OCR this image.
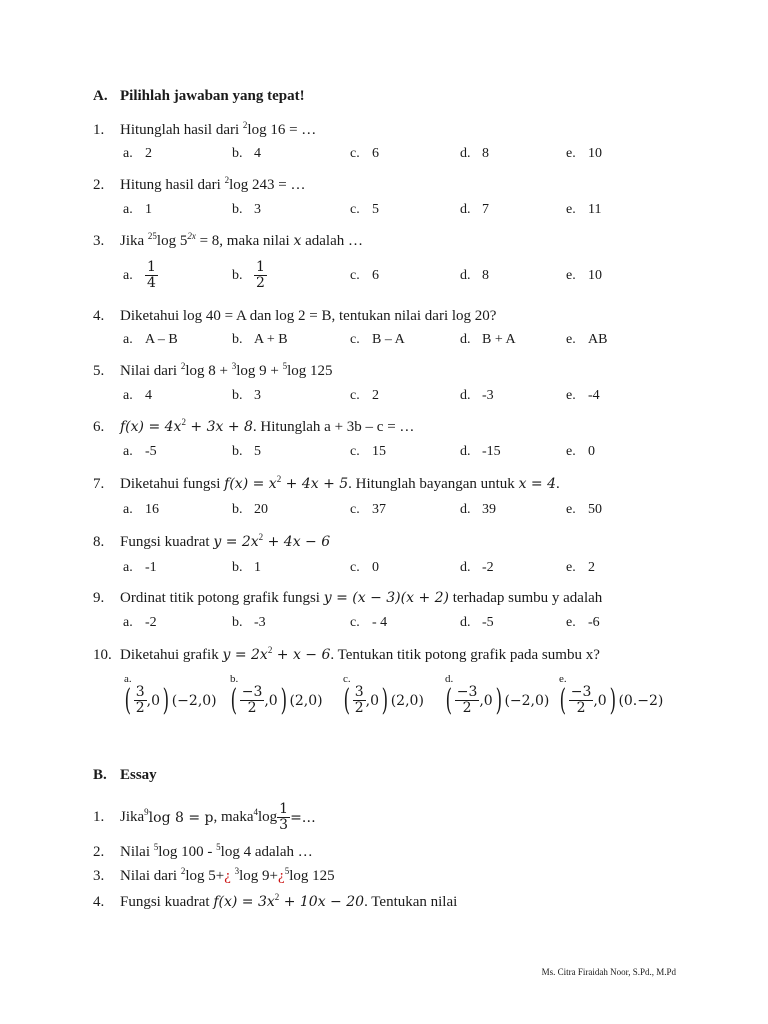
A. Pilihlah jawaban yang tepat!
1. Hitunglah hasil dari $^2$log 16 = …
a. 2	b. 4	c. 6	d. 8	e. 10
2. Hitung hasil dari $^2$log 243 = …
a. 1	b. 3	c. 5	d. 7	e. 11
3. Jika $^{25}$log $5^{2x} = 8$, maka nilai x adalah …
a. $\frac{1}{4}$	b. $\frac{1}{2}$	c. 6	d. 8	e. 10
4. Diketahui log 40 = A dan log 2 = B, tentukan nilai dari log 20?
a. A – B	b. A + B	c. B – A	d. B + A	e. AB
5. Nilai dari $^2$log 8 + $^3$log 9 + $^5$log 125
a. 4	b. 3	c. 2	d. -3	e. -4
6. $f(x) = 4x^2 + 3x + 8$. Hitunglah a + 3b – c = …
a. -5	b. 5	c. 15	d. -15	e. 0
7. Diketahui fungsi $f(x) = x^2 + 4x + 5$. Hitunglah bayangan untuk x = 4.
a. 16	b. 20	c. 37	d. 39	e. 50
8. Fungsi kuadrat $y = 2x^2 + 4x - 6$
a. -1	b. 1	c. 0	d. -2	e. 2
9. Ordinat titik potong grafik fungsi y = (x − 3)(x + 2) terhadap sumbu y adalah
a. -2	b. -3	c. - 4	d. -5	e. -6
10. Diketahui grafik $y = 2x^2 + x - 6$. Tentukan titik potong grafik pada sumbu x?
a.
( $\frac{3}{2} ,0$ ) (−2,0)
b.
( $\frac{-3}{2} ,0$ ) (2,0)
c.
( $\frac{3}{2} ,0$ ) (2,0)
d.
( $\frac{-3}{2} ,0$ ) (−2,0)
e.
( $\frac{-3}{2} ,0$ ) (0.−2)
B. Essay
1.	Jika 9 log 8 = p , maka 4 $\log \frac{1}{3}$ =…
2. Nilai $^5$log 100 - $^5$log 4 adalah …
3. Nilai dari $^2$log 5+¿ $^3$log 9+¿$^5$log 125
4. Fungsi kuadrat $f(x) = 3x^2 + 10x - 20$. Tentukan nilai
Ms. Citra Firaidah Noor, S.Pd., M.Pd
